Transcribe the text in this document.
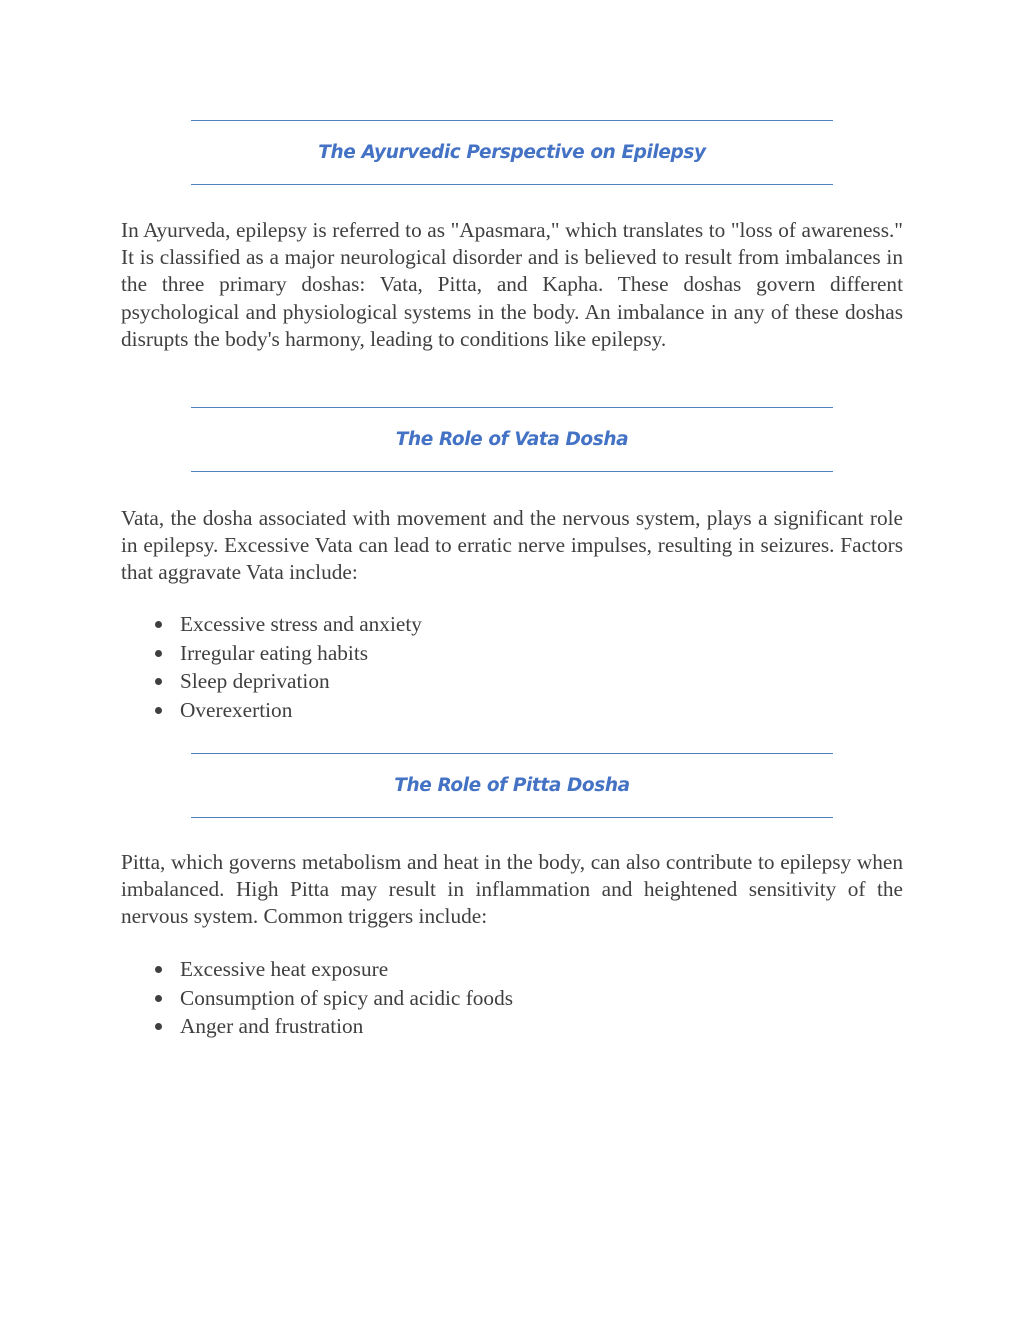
The Ayurvedic Perspective on Epilepsy

In Ayurveda, epilepsy is referred to as "Apasmara," which translates to "loss of awareness." It is classified as a major neurological disorder and is believed to result from imbalances in the three primary doshas: Vata, Pitta, and Kapha. These doshas govern different psychological and physiological systems in the body. An imbalance in any of these doshas disrupts the body's harmony, leading to conditions like epilepsy.

The Role of Vata Dosha

Vata, the dosha associated with movement and the nervous system, plays a significant role in epilepsy. Excessive Vata can lead to erratic nerve impulses, resulting in seizures. Factors that aggravate Vata include:

Excessive stress and anxiety
Irregular eating habits
Sleep deprivation
Overexertion
The Role of Pitta Dosha

Pitta, which governs metabolism and heat in the body, can also contribute to epilepsy when imbalanced. High Pitta may result in inflammation and heightened sensitivity of the nervous system. Common triggers include:

Excessive heat exposure
Consumption of spicy and acidic foods
Anger and frustration
